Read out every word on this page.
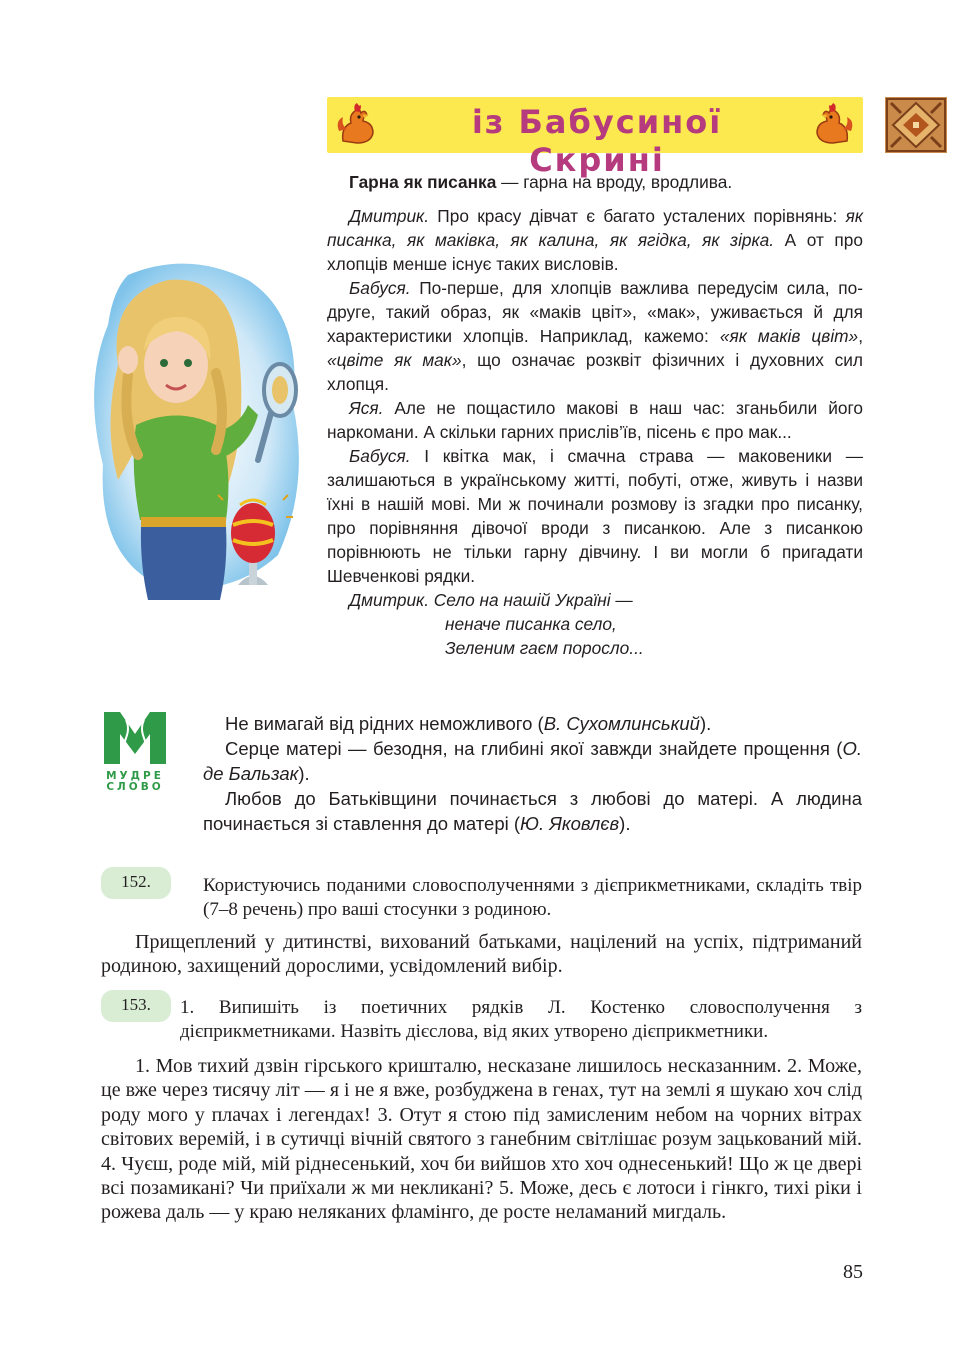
із Бабусиної Скрині

Гарна як писанка — гарна на вроду, вродлива.

Дмитрик. Про красу дівчат є багато усталених порівнянь: як писанка, як маківка, як калина, як ягідка, як зірка. А от про хлопців менше існує таких висловів.

Бабуся. По-перше, для хлопців важлива передусім сила, по-друге, такий образ, як «маків цвіт», «мак», уживається й для характеристики хлопців. Наприклад, кажемо: «як маків цвіт», «цвіте як мак», що означає розквіт фізичних і духовних сил хлопця.

Яся. Але не пощастило макові в наш час: зганьбили його наркомани. А скільки гарних прислів’їв, пісень є про мак...

Бабуся. І квітка мак, і смачна страва — маковеники — залишаються в українському житті, побуті, отже, живуть і назви їхні в нашій мові. Ми ж починали розмову із згадки про писанку, про порівняння дівочої вроди з писанкою. Але з писанкою порівнюють не тільки гарну дівчину. І ви могли б пригадати Шевченкові рядки.

Дмитрик. Село на нашій Україні —

неначе писанка село,

Зеленим гаєм поросло...

МУДРЕ
СЛОВО

Не вимагай від рідних неможливого (В. Сухомлинський).

Серце матері — безодня, на глибині якої завжди знайдете прощення (О. де Бальзак).

Любов до Батьківщини починається з любові до матері. А людина починається зі ставлення до матері (Ю. Яковлєв).

152.	Користуючись поданими словосполученнями з дієприкметниками, складіть твір (7–8 речень) про ваші стосунки з родиною.

Прищеплений у дитинстві, вихований батьками, націлений на успіх, підтриманий родиною, захищений дорослими, усвідомлений вибір.

153.	1. Випишіть із поетичних рядків Л. Костенко словосполучення з дієприкметниками. Назвіть дієслова, від яких утворено дієприкметники.

1. Мов тихий дзвін гірського кришталю, несказане лишилось несказанним. 2. Може, це вже через тисячу літ — я і не я вже, розбуджена в генах, тут на землі я шукаю хоч слід роду мого у плачах і легендах! 3. Отут я стою під замисленим небом на чорних вітрах світових веремій, і в сутичці вічній святого з ганебним світлішає розум зацькований мій. 4. Чуєш, роде мій, мій ріднесенький, хоч би вийшов хто хоч однесенький! Що ж це двері всі позамикані? Чи приїхали ж ми некликані? 5. Може, десь є лотоси і гінкго, тихі ріки і рожева даль — у краю неляканих фламінго, де росте неламаний мигдаль.

85
